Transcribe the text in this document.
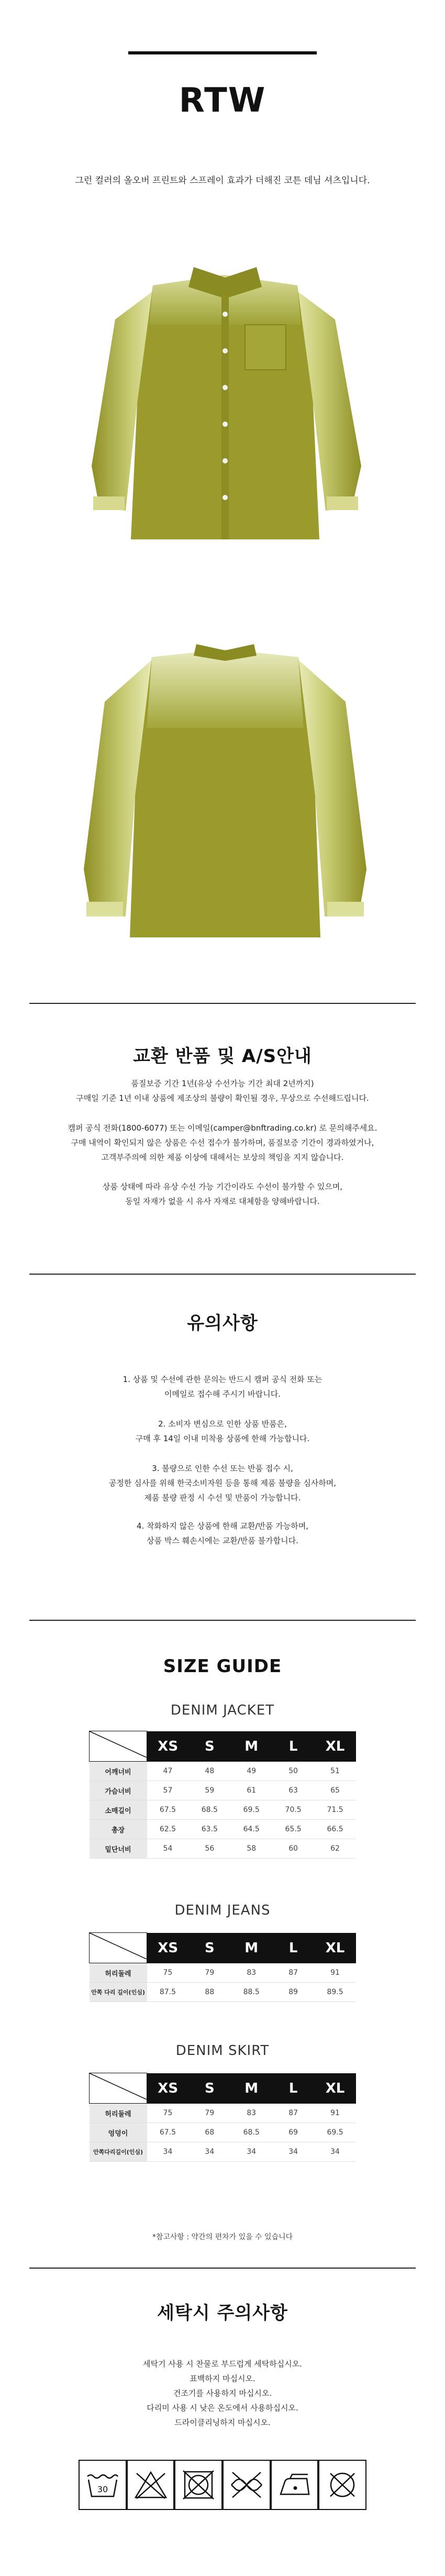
RTW
그런 컬러의 올오버 프린트와 스프레이 효과가 더해진 코튼 데님 셔츠입니다.
교환 반품 및 A/S안내
품질보증 기간 1년(유상 수선가능 기간 최대 2년까지)
구매일 기준 1년 이내 상품에 제조상의 불량이 확인될 경우, 무상으로 수선해드립니다.
캠퍼 공식 전화(1800-6077) 또는 이메일(camper@bnftrading.co.kr) 로 문의해주세요.
구매 내역이 확인되지 않은 상품은 수선 접수가 불가하며, 품질보증 기간이 경과하였거나,
고객부주의에 의한 제품 이상에 대해서는 보상의 책임을 지지 않습니다.
상품 상태에 따라 유상 수선 가능 기간이라도 수선이 불가할 수 있으며,
동일 자재가 없을 시 유사 자재로 대체함을 양해바랍니다.
유의사항
1. 상품 및 수선에 관한 문의는 반드시 캠퍼 공식 전화 또는
이메일로 접수해 주시기 바랍니다.
2. 소비자 변심으로 인한 상품 반품은,
구매 후 14일 이내 미착용 상품에 한해 가능합니다.
3. 불량으로 인한 수선 또는 반품 접수 시,
공정한 심사를 위해 한국소비자원 등을 통해 제품 불량을 심사하며,
제품 불량 판정 시 수선 및 반품이 가능합니다.
4. 착화하지 않은 상품에 한해 교환/반품 가능하며,
상품 박스 훼손시에는 교환/반품 불가합니다.
SIZE GUIDE
DENIM JACKET
	XS	S	M	L	XL
어깨너비	47	48	49	50	51
가슴너비	57	59	61	63	65
소매길이	67.5	68.5	69.5	70.5	71.5
총장	62.5	63.5	64.5	65.5	66.5
밑단너비	54	56	58	60	62
DENIM JEANS
	XS	S	M	L	XL
허리둘레	75	79	83	87	91
안쪽 다리 길이(인심)	87.5	88	88.5	89	89.5
DENIM SKIRT
	XS	S	M	L	XL
허리둘레	75	79	83	87	91
엉덩이	67.5	68	68.5	69	69.5
안쪽다리길이(인심)	34	34	34	34	34
*참고사항 : 약간의 편차가 있을 수 있습니다
세탁시 주의사항
세탁기 사용 시 찬물로 부드럽게 세탁하십시오.
표백하지 마십시오.
건조기를 사용하지 마십시오.
다리미 사용 시 낮은 온도에서 사용하십시오.
드라이클리닝하지 마십시오.
30
